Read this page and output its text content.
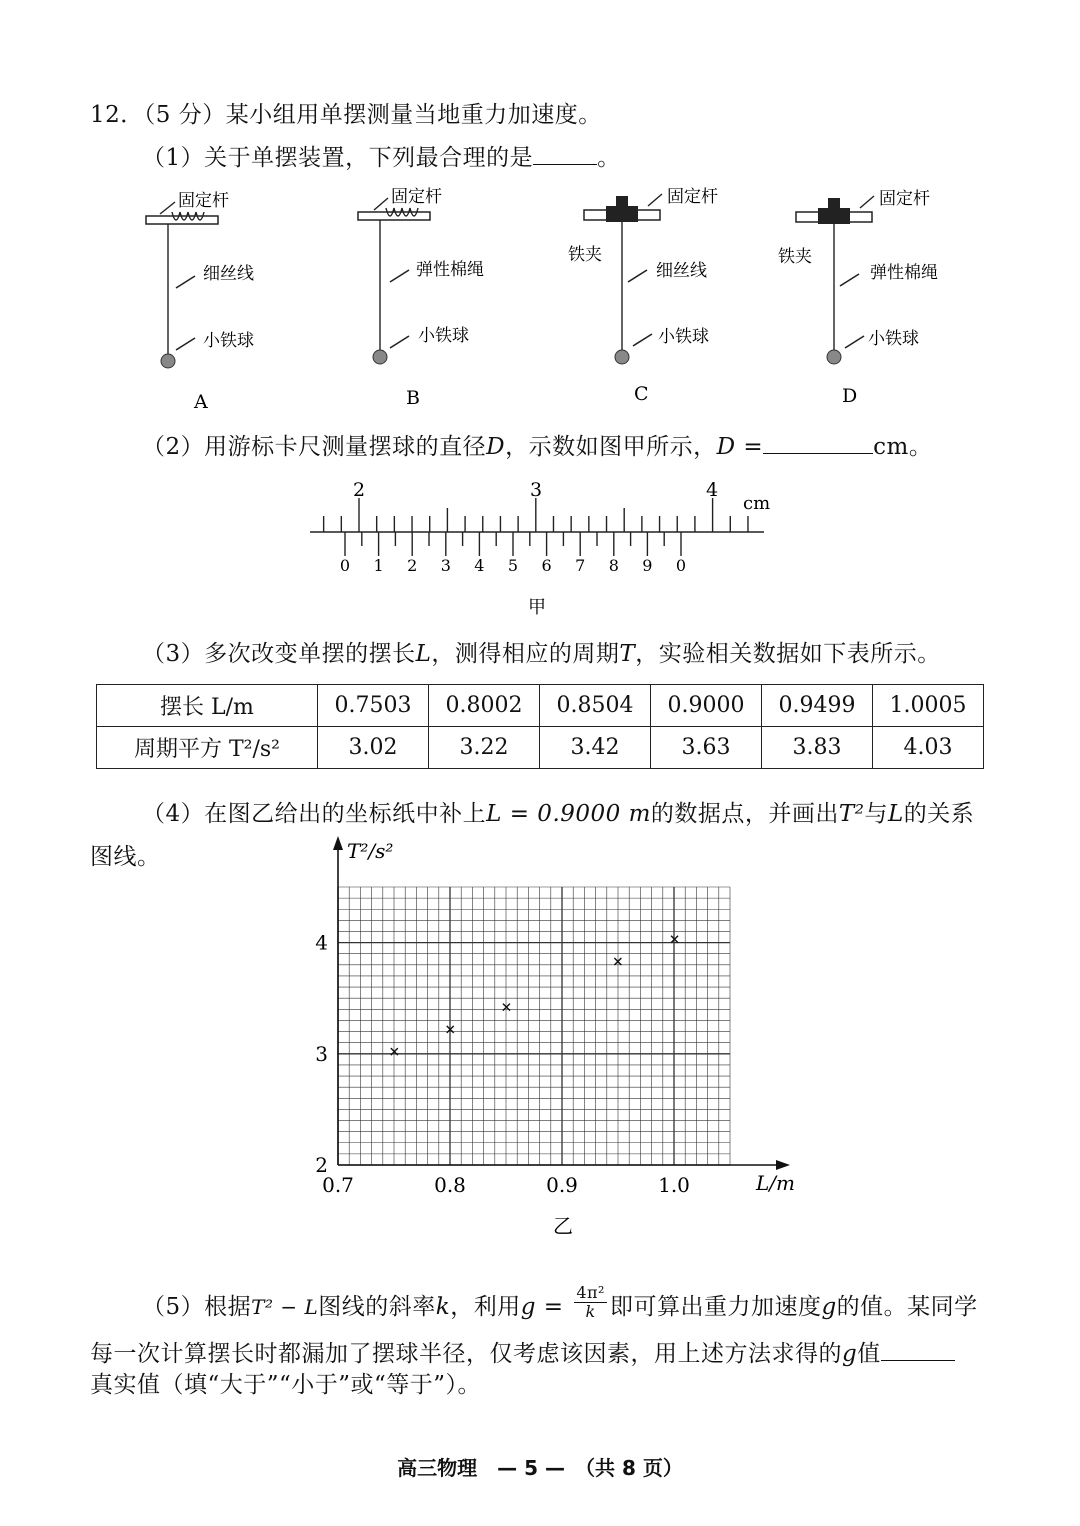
12．（5 分）某小组用单摆测量当地重力加速度。
（1）关于单摆装置，下列最合理的是	。
固定杆
细丝线
小铁球
A
固定杆
弹性棉绳
小铁球
B
固定杆
铁夹
细丝线
小铁球
C
固定杆
铁夹
弹性棉绳
小铁球
D
（2）用游标卡尺测量摆球的直径D，示数如图甲所示，D =	cm。
2	3	4
cm
0 1 2 3 4 5 6 7 8 9 0
甲
（3）多次改变单摆的摆长L，测得相应的周期T，实验相关数据如下表所示。
摆长 L/m	0.7503	0.8002	0.8504	0.9000	0.9499	1.0005
周期平方 T²/s²	3.02	3.22	3.42	3.63	3.83	4.03
（4）在图乙给出的坐标纸中补上L = 0.9000 m的数据点，并画出T²与L的关系
图线。
0.7	0.8	0.9	1.0
2
3
4
T²/s²
L/m
乙
（5）根据T² − L图线的斜率k，利用$g = \frac{\text{4π²}}{k}$ 即可算出重力加速度g的值。某同学
每一次计算摆长时都漏加了摆球半径，仅考虑该因素，用上述方法求得的g值
真实值（填“大于”“小于”或“等于”）。
高三物理　— 5 —　（共 8 页）
